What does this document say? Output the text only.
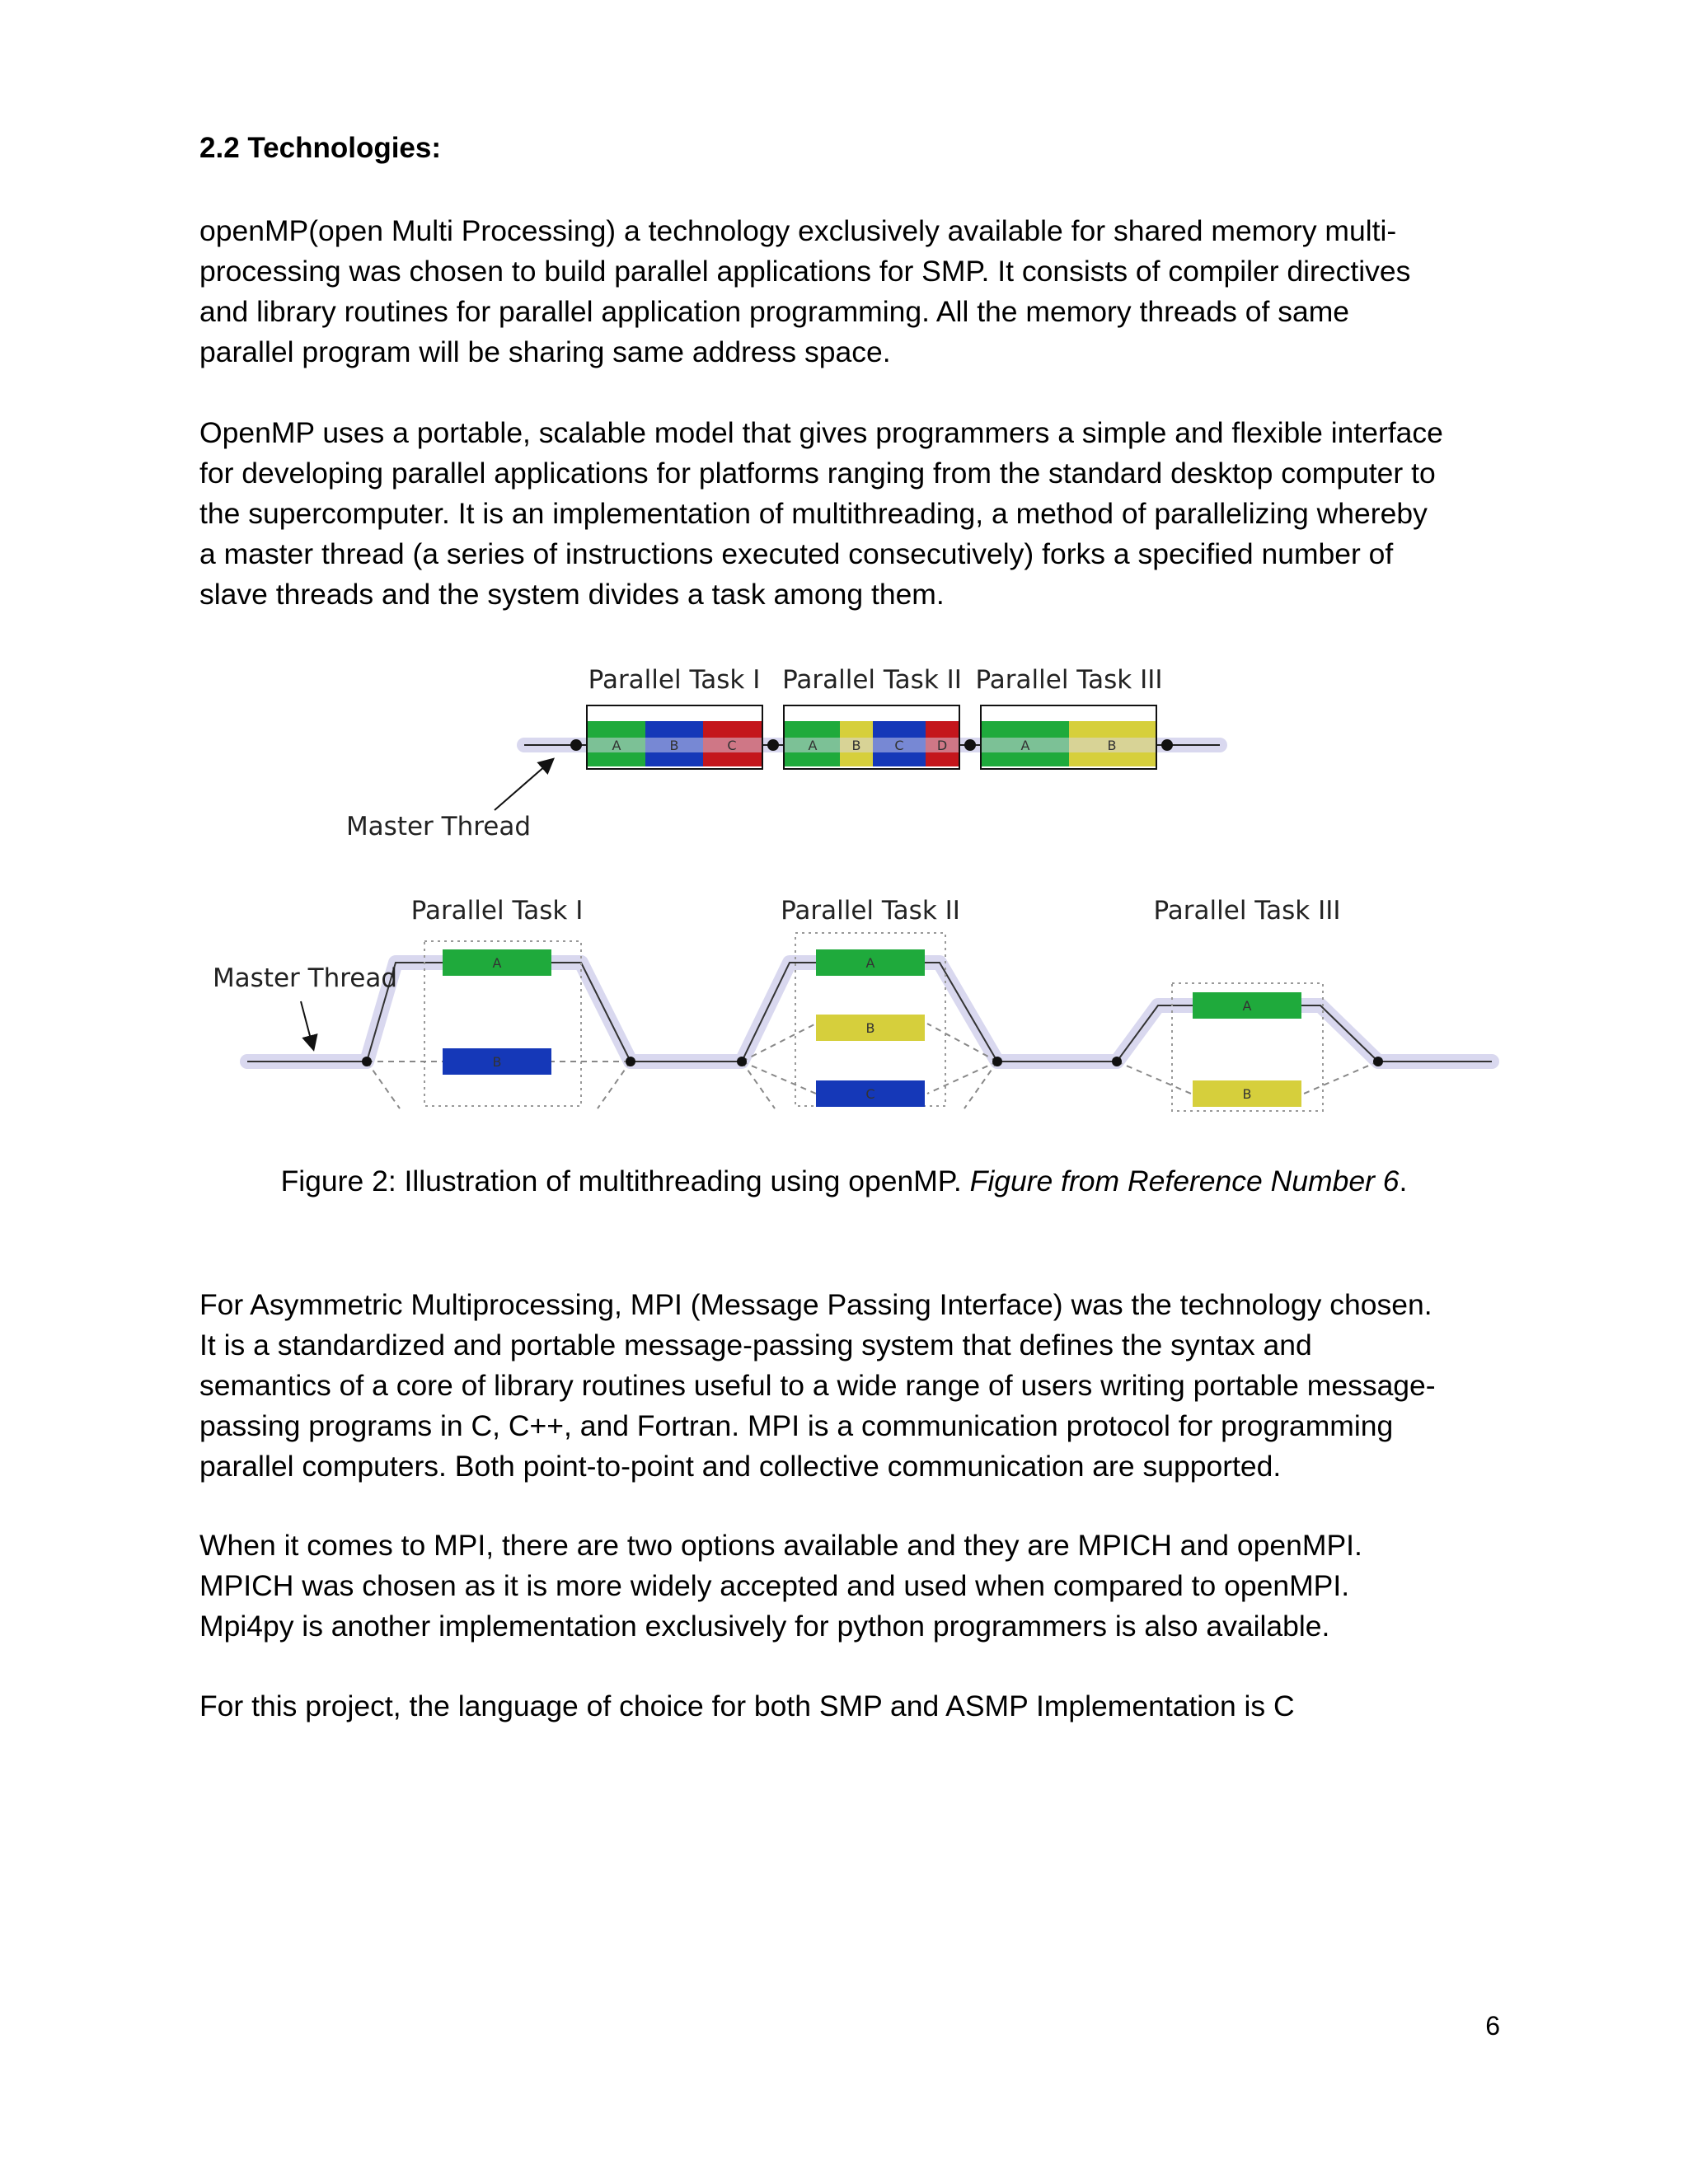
2.2 Technologies:

openMP(open Multi Processing) a technology exclusively available for shared memory multi-
processing was chosen to build parallel applications for SMP. It consists of compiler directives
and library routines for parallel application programming. All the memory threads of same
parallel program will be sharing same address space.

OpenMP uses a portable, scalable model that gives programmers a simple and flexible interface
for developing parallel applications for platforms ranging from the standard desktop computer to
the supercomputer. It is an implementation of multithreading, a method of parallelizing whereby
a master thread (a series of instructions executed consecutively) forks a specified number of
slave threads and the system divides a task among them.

A	B	C	A	B	C	D	A	B
Parallel Task I Parallel Task II Parallel Task III
Master Thread
A
B
A
B
C
A
B
Parallel Task I	Parallel Task II	Parallel Task III
Master Thread

Figure 2: Illustration of multithreading using openMP. Figure from Reference Number 6.

For Asymmetric Multiprocessing, MPI (Message Passing Interface) was the technology chosen.
It is a standardized and portable message-passing system that defines the syntax and
semantics of a core of library routines useful to a wide range of users writing portable message-
passing programs in C, C++, and Fortran. MPI is a communication protocol for programming
parallel computers. Both point-to-point and collective communication are supported.

When it comes to MPI, there are two options available and they are MPICH and openMPI.
MPICH was chosen as it is more widely accepted and used when compared to openMPI.
Mpi4py is another implementation exclusively for python programmers is also available.

For this project, the language of choice for both SMP and ASMP Implementation is C

6
